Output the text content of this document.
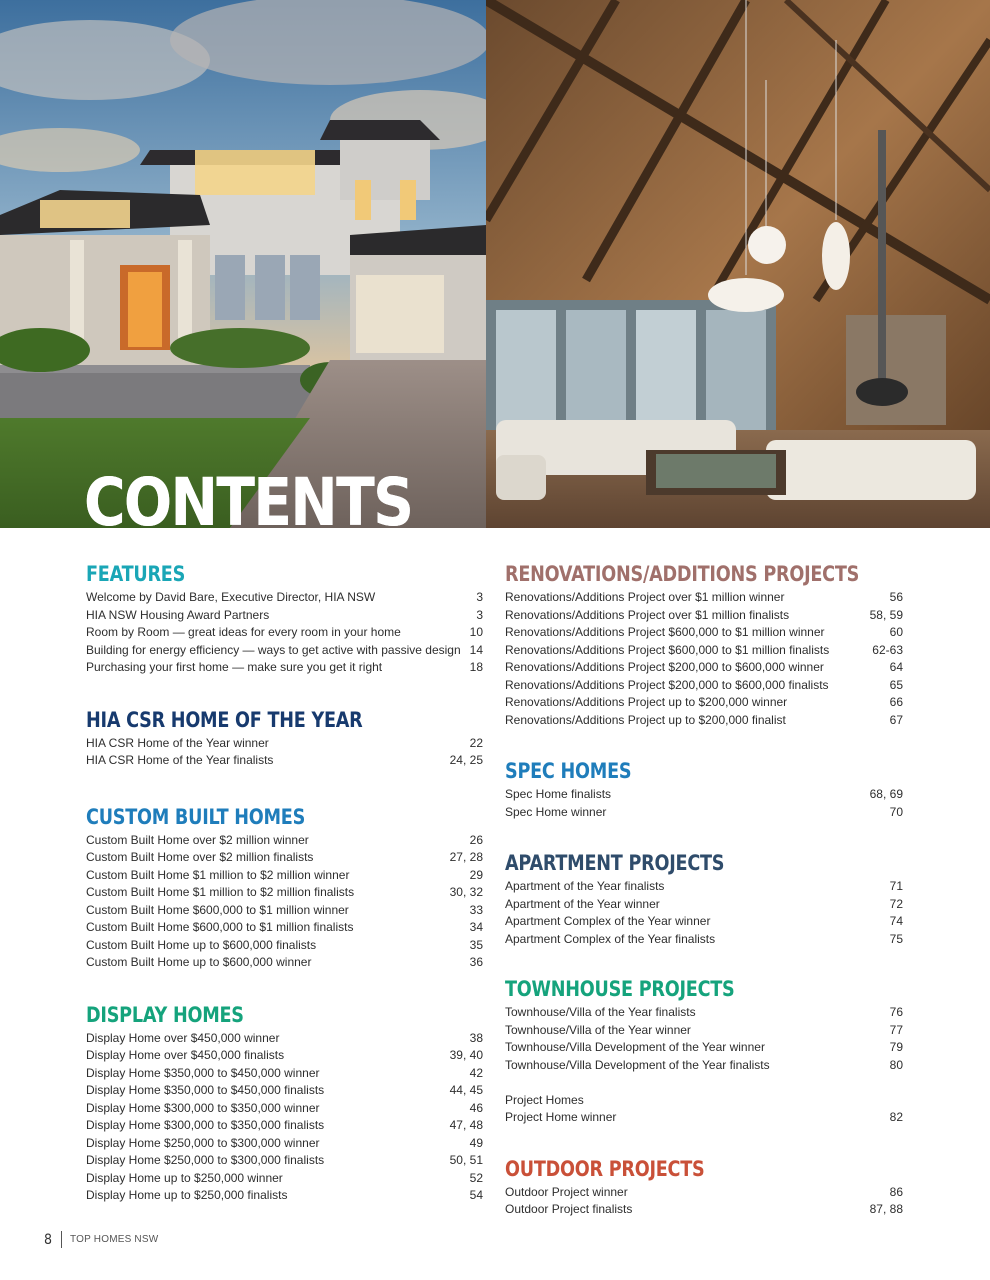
CONTENTS
FEATURES
Welcome by David Bare, Executive Director, HIA NSW	3
HIA NSW Housing Award Partners	3
Room by Room — great ideas for every room in your home	10
Building for energy efficiency — ways to get active with passive design 14
Purchasing your first home — make sure you get it right	18
HIA CSR HOME OF THE YEAR
HIA CSR Home of the Year winner	22
HIA CSR Home of the Year finalists	24, 25
CUSTOM BUILT HOMES
Custom Built Home over $2 million winner	26
Custom Built Home over $2 million finalists	27, 28
Custom Built Home $1 million to $2 million winner	29
Custom Built Home $1 million to $2 million finalists	30, 32
Custom Built Home $600,000 to $1 million winner	33
Custom Built Home $600,000 to $1 million finalists	34
Custom Built Home up to $600,000 finalists	35
Custom Built Home up to $600,000 winner	36
DISPLAY HOMES
Display Home over $450,000 winner	38
Display Home over $450,000 finalists	39, 40
Display Home $350,000 to $450,000 winner	42
Display Home $350,000 to $450,000 finalists	44, 45
Display Home $300,000 to $350,000 winner	46
Display Home $300,000 to $350,000 finalists	47, 48
Display Home $250,000 to $300,000 winner	49
Display Home $250,000 to $300,000 finalists	50, 51
Display Home up to $250,000 winner	52
Display Home up to $250,000 finalists	54
RENOVATIONS/ADDITIONS PROJECTS
Renovations/Additions Project over $1 million winner	56
Renovations/Additions Project over $1 million finalists	58, 59
Renovations/Additions Project $600,000 to $1 million winner	60
Renovations/Additions Project $600,000 to $1 million finalists	62-63
Renovations/Additions Project $200,000 to $600,000 winner	64
Renovations/Additions Project $200,000 to $600,000 finalists	65
Renovations/Additions Project up to $200,000 winner	66
Renovations/Additions Project up to $200,000 finalist	67
SPEC HOMES
Spec Home finalists	68, 69
Spec Home winner	70
APARTMENT PROJECTS
Apartment of the Year finalists	71
Apartment of the Year winner	72
Apartment Complex of the Year winner	74
Apartment Complex of the Year finalists	75
TOWNHOUSE PROJECTS
Townhouse/Villa of the Year finalists	76
Townhouse/Villa of the Year winner	77
Townhouse/Villa Development of the Year winner	79
Townhouse/Villa Development of the Year finalists	80
Project Homes
Project Home winner	82
OUTDOOR PROJECTS
Outdoor Project winner	86
Outdoor Project finalists	87, 88
8 TOP HOMES NSW
